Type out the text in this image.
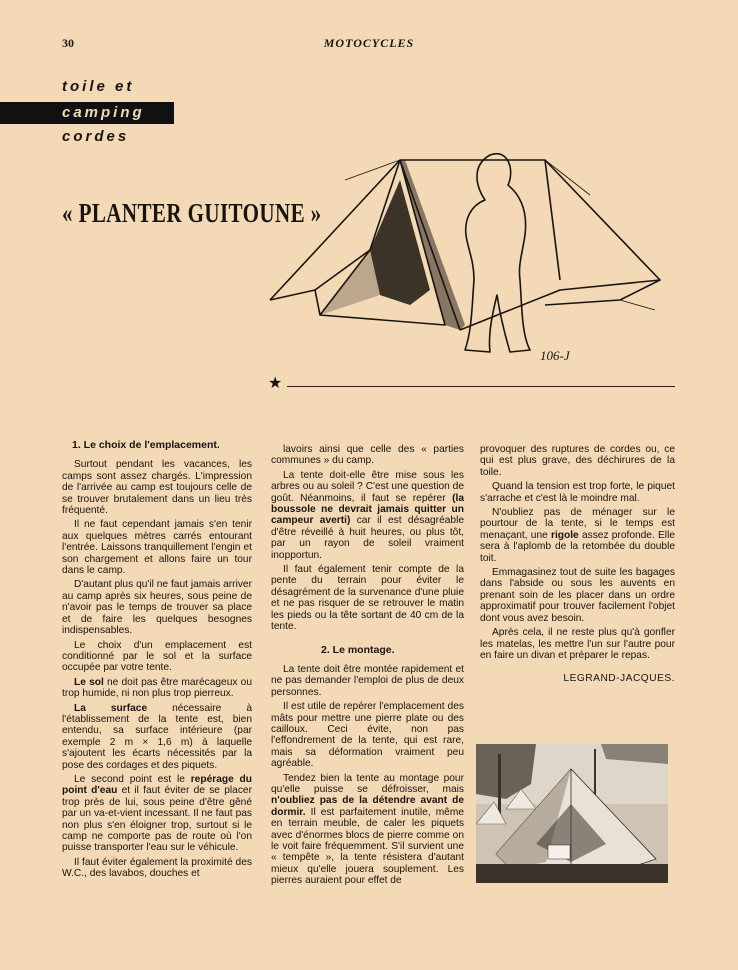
30	MOTOCYCLES
toile et
camping
cordes
« PLANTER GUITOUNE »
106-J
★
1. Le choix de l'emplacement.

Surtout pendant les vacances, les camps sont assez chargés. L'impression de l'arrivée au camp est toujours celle de se trouver brutalement dans un lieu très fréquenté.

Il ne faut cependant jamais s'en tenir aux quelques mètres carrés entourant l'entrée. Laissons tranquillement l'engin et son chargement et allons faire un tour dans le camp.

D'autant plus qu'il ne faut jamais arriver au camp après six heures, sous peine de n'avoir pas le temps de trouver sa place et de faire les quelques besognes indispensables.

Le choix d'un emplacement est conditionné par le sol et la surface occupée par votre tente.

Le sol ne doit pas être marécageux ou trop humide, ni non plus trop pierreux.

La surface nécessaire à l'établissement de la tente est, bien entendu, sa surface intérieure (par exemple 2 m × 1,6 m) à laquelle s'ajoutent les écarts nécessités par la pose des cordages et des piquets.

Le second point est le repérage du point d'eau et il faut éviter de se placer trop près de lui, sous peine d'être gêné par un va-et-vient incessant. Il ne faut pas non plus s'en éloigner trop, surtout si le camp ne comporte pas de route où l'on puisse transporter l'eau sur le véhicule.

Il faut éviter également la proximité des W.C., des lavabos, douches et

lavoirs ainsi que celle des « parties communes » du camp.

La tente doit-elle être mise sous les arbres ou au soleil ? C'est une question de goût. Néanmoins, il faut se repérer (la boussole ne devrait jamais quitter un campeur averti) car il est désagréable d'être réveillé à huit heures, ou plus tôt, par un rayon de soleil vraiment inopportun.

Il faut également tenir compte de la pente du terrain pour éviter le désagrément de la survenance d'une pluie et ne pas risquer de se retrouver le matin les pieds ou la tête sortant de 40 cm de la tente.

2. Le montage.

La tente doit être montée rapidement et ne pas demander l'emploi de plus de deux personnes.

Il est utile de repérer l'emplacement des mâts pour mettre une pierre plate ou des cailloux. Ceci évite, non pas l'effondrement de la tente, qui est rare, mais sa déformation vraiment peu agréable.

Tendez bien la tente au montage pour qu'elle puisse se défroisser, mais n'oubliez pas de la détendre avant de dormir. Il est parfaitement inutile, même en terrain meuble, de caler les piquets avec d'énormes blocs de pierre comme on le voit faire fréquemment. S'il survient une « tempête », la tente résistera d'autant mieux qu'elle jouera souplement. Les pierres auraient pour effet de

provoquer des ruptures de cordes ou, ce qui est plus grave, des déchirures de la toile.

Quand la tension est trop forte, le piquet s'arrache et c'est là le moindre mal.

N'oubliez pas de ménager sur le pourtour de la tente, si le temps est menaçant, une rigole assez profonde. Elle sera à l'aplomb de la retombée du double toit.

Emmagasinez tout de suite les bagages dans l'abside ou sous les auvents en prenant soin de les placer dans un ordre approximatif pour trouver facilement l'objet dont vous avez besoin.

Après cela, il ne reste plus qu'à gonfler les matelas, les mettre l'un sur l'autre pour en faire un divan et préparer le repas.

LEGRAND-JACQUES.
